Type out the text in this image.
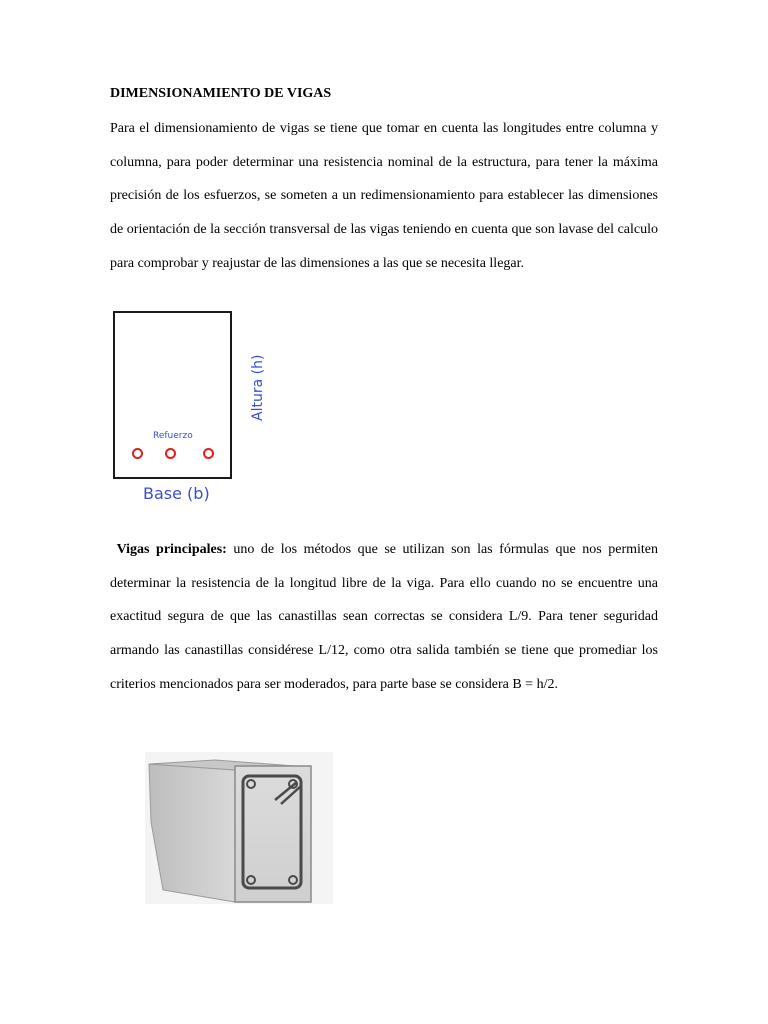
DIMENSIONAMIENTO DE VIGAS

Para el dimensionamiento de vigas se tiene que tomar en cuenta las longitudes entre columna y columna, para poder determinar una resistencia nominal de la estructura, para tener la máxima precisión de los esfuerzos, se someten a un redimensionamiento para establecer las dimensiones de orientación de la sección transversal de las vigas teniendo en cuenta que son lavase del calculo para comprobar y reajustar de las dimensiones a las que se necesita llegar.

Refuerzo
Altura (h)
Base (b)

Vigas principales: uno de los métodos que se utilizan son las fórmulas que nos permiten determinar la resistencia de la longitud libre de la viga. Para ello cuando no se encuentre una exactitud segura de que las canastillas sean correctas se considera L/9. Para tener seguridad armando las canastillas considérese L/12, como otra salida también se tiene que promediar los criterios mencionados para ser moderados, para parte base se considera B = h/2.
